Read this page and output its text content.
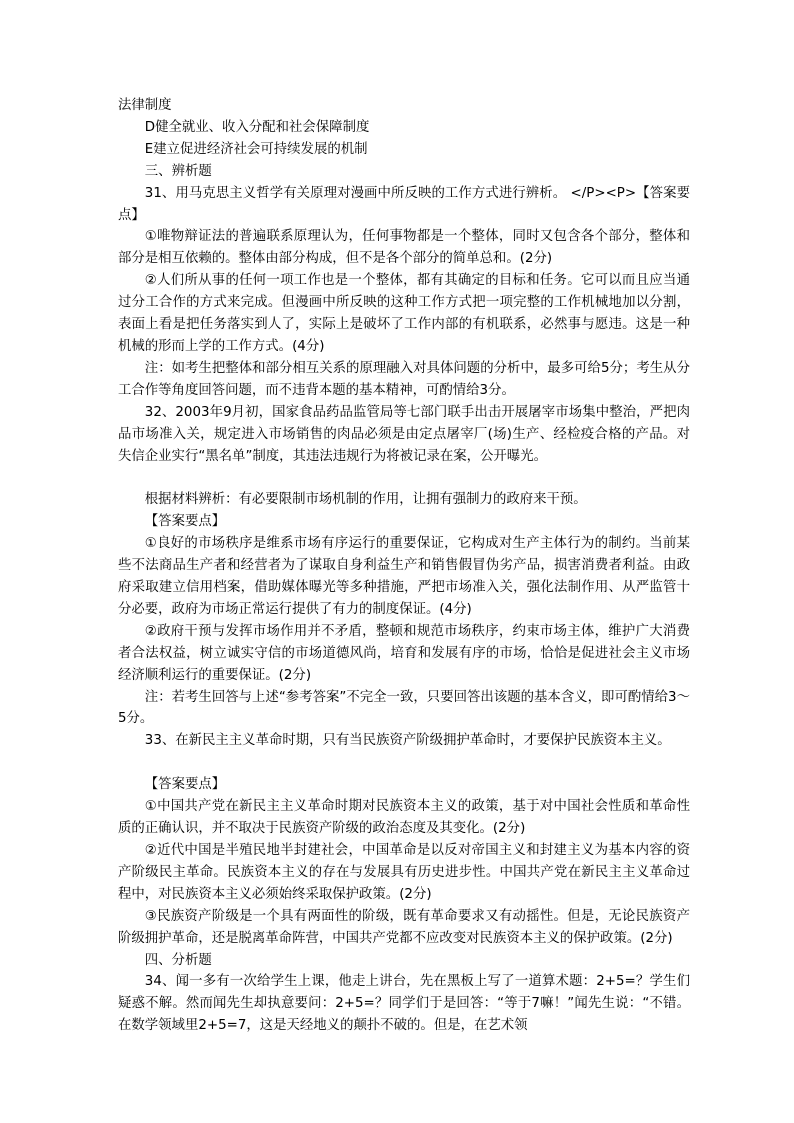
法律制度

D健全就业、收入分配和社会保障制度

E建立促进经济社会可持续发展的机制

三、辨析题

31、用马克思主义哲学有关原理对漫画中所反映的工作方式进行辨析。 </P><P>【答案要点】

①唯物辩证法的普遍联系原理认为，任何事物都是一个整体，同时又包含各个部分，整体和部分是相互依赖的。整体由部分构成，但不是各个部分的简单总和。(2分)

②人们所从事的任何一项工作也是一个整体，都有其确定的目标和任务。它可以而且应当通过分工合作的方式来完成。但漫画中所反映的这种工作方式把一项完整的工作机械地加以分割，表面上看是把任务落实到人了，实际上是破坏了工作内部的有机联系，必然事与愿违。这是一种机械的形而上学的工作方式。(4分)

注：如考生把整体和部分相互关系的原理融入对具体问题的分析中，最多可给5分；考生从分工合作等角度回答问题，而不违背本题的基本精神，可酌情给3分。

32、2003年9月初，国家食品药品监管局等七部门联手出击开展屠宰市场集中整治，严把肉品市场准入关，规定进入市场销售的肉品必须是由定点屠宰厂(场)生产、经检疫合格的产品。对失信企业实行“黑名单”制度，其违法违规行为将被记录在案，公开曝光。

根据材料辨析：有必要限制市场机制的作用，让拥有强制力的政府来干预。

【答案要点】

①良好的市场秩序是维系市场有序运行的重要保证，它构成对生产主体行为的制约。当前某些不法商品生产者和经营者为了谋取自身利益生产和销售假冒伪劣产品，损害消费者利益。由政府采取建立信用档案，借助媒体曝光等多种措施，严把市场准入关，强化法制作用、从严监管十分必要，政府为市场正常运行提供了有力的制度保证。(4分)

②政府干预与发挥市场作用并不矛盾，整顿和规范市场秩序，约束市场主体，维护广大消费者合法权益，树立诚实守信的市场道德风尚，培育和发展有序的市场，恰恰是促进社会主义市场经济顺利运行的重要保证。(2分)

注：若考生回答与上述“参考答案”不完全一致，只要回答出该题的基本含义，即可酌情给3～5分。

33、在新民主主义革命时期，只有当民族资产阶级拥护革命时，才要保护民族资本主义。

【答案要点】

①中国共产党在新民主主义革命时期对民族资本主义的政策，基于对中国社会性质和革命性质的正确认识，并不取决于民族资产阶级的政治态度及其变化。(2分)

②近代中国是半殖民地半封建社会，中国革命是以反对帝国主义和封建主义为基本内容的资产阶级民主革命。民族资本主义的存在与发展具有历史进步性。中国共产党在新民主主义革命过程中，对民族资本主义必须始终采取保护政策。(2分)

③民族资产阶级是一个具有两面性的阶级，既有革命要求又有动摇性。但是，无论民族资产阶级拥护革命，还是脱离革命阵营，中国共产党都不应改变对民族资本主义的保护政策。(2分)

四、分析题

34、闻一多有一次给学生上课，他走上讲台，先在黑板上写了一道算术题：2+5=？学生们疑惑不解。然而闻先生却执意要问：2+5=？同学们于是回答：“等于7嘛！”闻先生说：“不错。在数学领域里2+5=7，这是天经地义的颠扑不破的。但是，在艺术领
